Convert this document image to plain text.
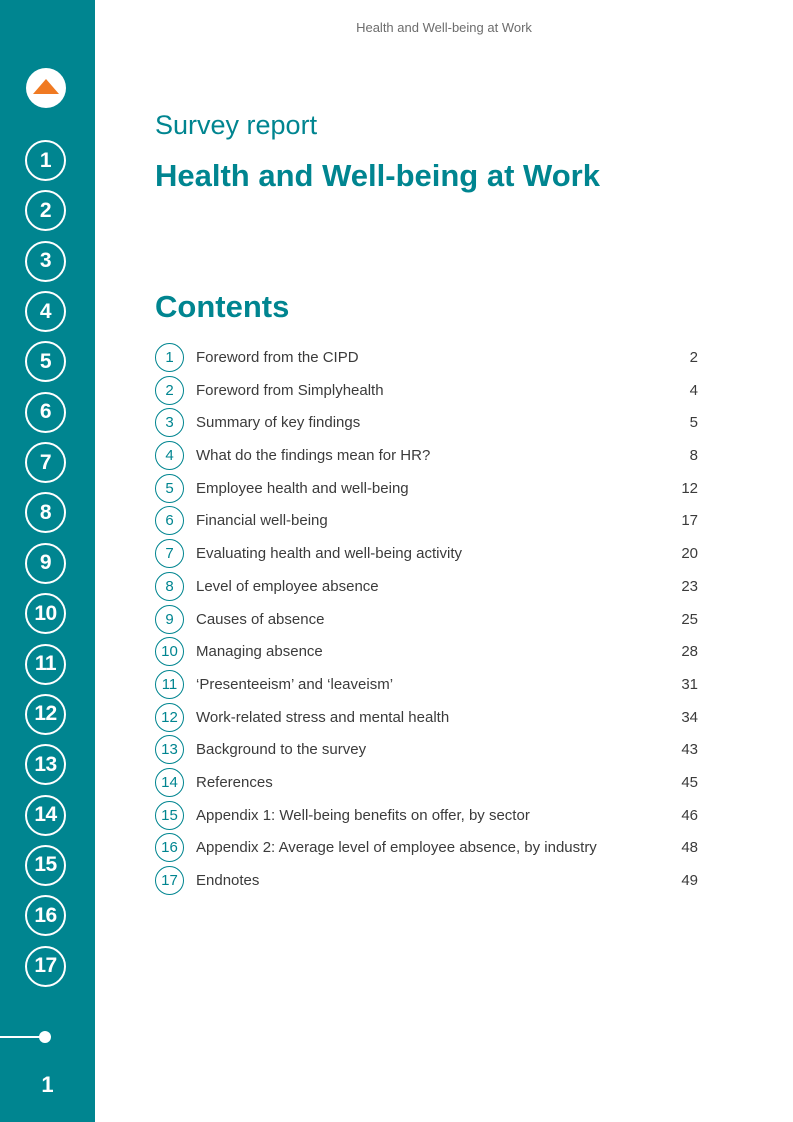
1
2
3
4
5
6
7
8
9
10
11
12
13
14
15
16
17
1
Health and Well-being at Work
Survey report
Health and Well-being at Work
Contents
1	Foreword from the CIPD	2
2	Foreword from Simplyhealth	4
3	Summary of key findings	5
4	What do the findings mean for HR?	8
5	Employee health and well-being	12
6	Financial well-being	17
7	Evaluating health and well-being activity	20
8	Level of employee absence	23
9	Causes of absence	25
10	Managing absence	28
11	‘Presenteeism’ and ‘leaveism’	31
12	Work-related stress and mental health	34
13	Background to the survey	43
14	References	45
15	Appendix 1: Well-being benefits on offer, by sector	46
16	Appendix 2: Average level of employee absence, by industry	48
17	Endnotes	49
